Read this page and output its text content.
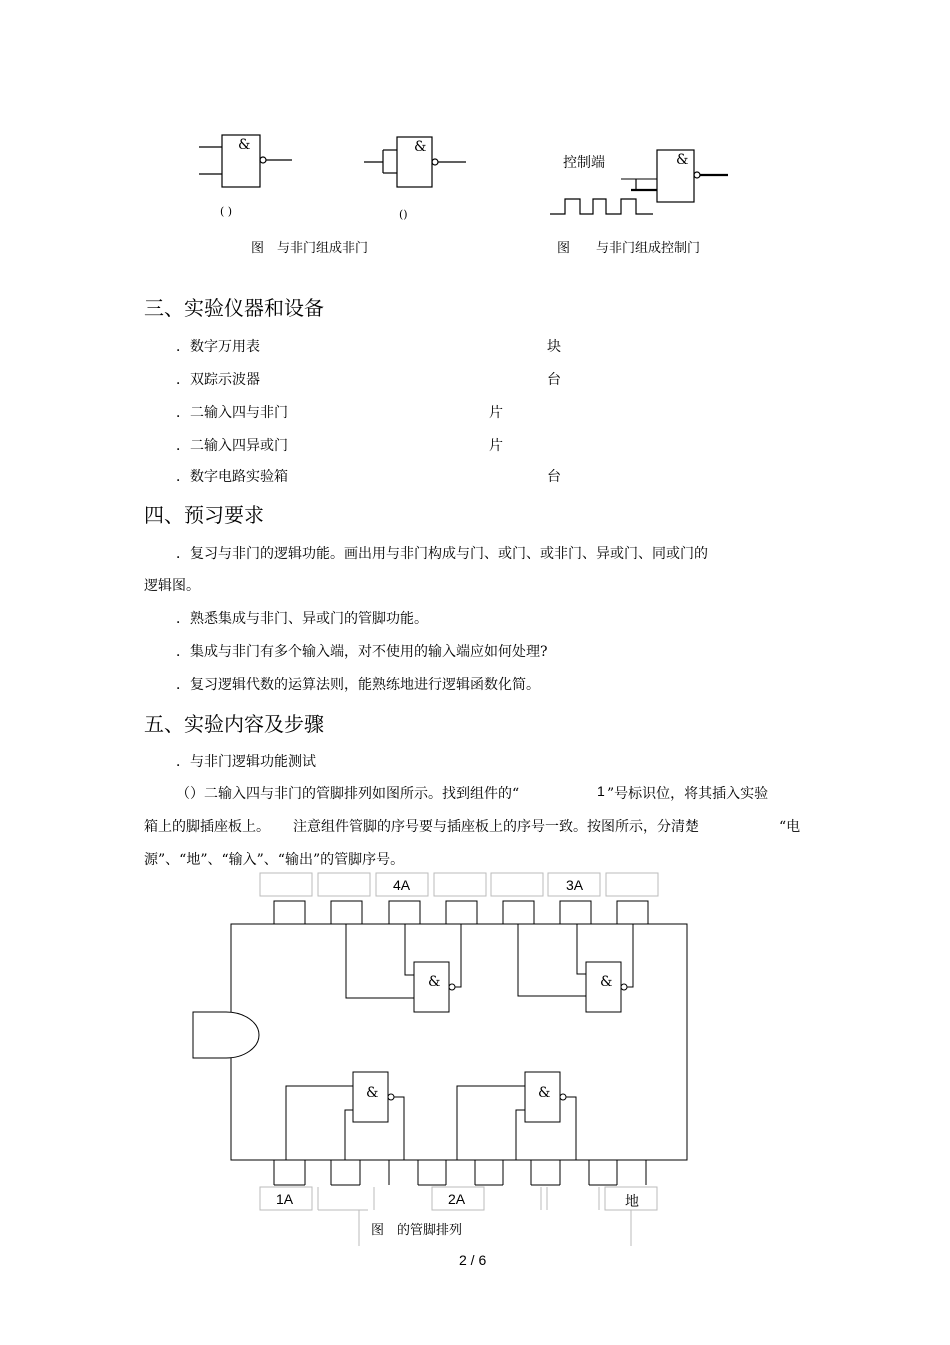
&	&
&
控制端
( )	()
图　与非门组成非门	图　　与非门组成控制门
三、实验仪器和设备
．数字万用表	块
．双踪示波器	台
．二输入四与非门	片
．二输入四异或门	片
．数字电路实验箱	台
四、预习要求
．复习与非门的逻辑功能。画出用与非门构成与门、或门、或非门、异或门、同或门的
逻辑图。
．熟悉集成与非门、异或门的管脚功能。
．集成与非门有多个输入端，对不使用的输入端应如何处理?
．复习逻辑代数的运算法则，能熟练地进行逻辑函数化简。
五、实验内容及步骤
．与非门逻辑功能测试
（）二输入四与非门的管脚排列如图所示。找到组件的“	1 ”号标识位，将其插入实验
箱上的脚插座板上。 注意组件管脚的序号要与插座板上的序号一致。按图所示，分清楚	“电
源”、“地”、“输入”、“输出”的管脚序号。
&	&
&	&
4A	3A
1A	2A	地
图　的管脚排列
2 / 6
